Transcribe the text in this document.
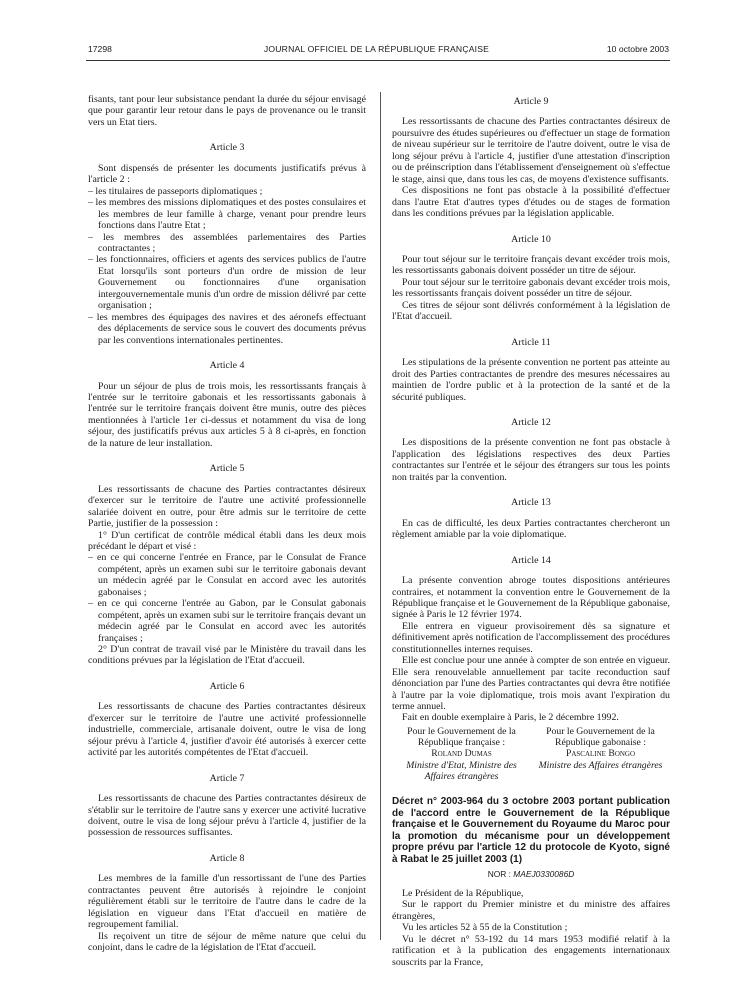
17298	JOURNAL OFFICIEL DE LA RÉPUBLIQUE FRANÇAISE	10 octobre 2003

fisants, tant pour leur subsistance pendant la durée du séjour envisagé que pour garantir leur retour dans le pays de provenance ou le transit vers un Etat tiers.

Article 3

Sont dispensés de présenter les documents justificatifs prévus à l'article 2 :

– les titulaires de passeports diplomatiques ;

– les membres des missions diplomatiques et des postes consulaires et les membres de leur famille à charge, venant pour prendre leurs fonctions dans l'autre Etat ;

– les membres des assemblées parlementaires des Parties contractantes ;

– les fonctionnaires, officiers et agents des services publics de l'autre Etat lorsqu'ils sont porteurs d'un ordre de mission de leur Gouvernement ou fonctionnaires d'une organisation intergouvernementale munis d'un ordre de mission délivré par cette organisation ;

– les membres des équipages des navires et des aéronefs effectuant des déplacements de service sous le couvert des documents prévus par les conventions internationales pertinentes.

Article 4

Pour un séjour de plus de trois mois, les ressortissants français à l'entrée sur le territoire gabonais et les ressortissants gabonais à l'entrée sur le territoire français doivent être munis, outre des pièces mentionnées à l'article 1er ci-dessus et notamment du visa de long séjour, des justificatifs prévus aux articles 5 à 8 ci-après, en fonction de la nature de leur installation.

Article 5

Les ressortissants de chacune des Parties contractantes désireux d'exercer sur le territoire de l'autre une activité professionnelle salariée doivent en outre, pour être admis sur le territoire de cette Partie, justifier de la possession :

1° D'un certificat de contrôle médical établi dans les deux mois précédant le départ et visé :

– en ce qui concerne l'entrée en France, par le Consulat de France compétent, après un examen subi sur le territoire gabonais devant un médecin agréé par le Consulat en accord avec les autorités gabonaises ;

– en ce qui concerne l'entrée au Gabon, par le Consulat gabonais compétent, après un examen subi sur le territoire français devant un médecin agréé par le Consulat en accord avec les autorités françaises ;

2° D'un contrat de travail visé par le Ministère du travail dans les conditions prévues par la législation de l'Etat d'accueil.

Article 6

Les ressortissants de chacune des Parties contractantes désireux d'exercer sur le territoire de l'autre une activité professionnelle industrielle, commerciale, artisanale doivent, outre le visa de long séjour prévu à l'article 4, justifier d'avoir été autorisés à exercer cette activité par les autorités compétentes de l'Etat d'accueil.

Article 7

Les ressortissants de chacune des Parties contractantes désireux de s'établir sur le territoire de l'autre sans y exercer une activité lucrative doivent, outre le visa de long séjour prévu à l'article 4, justifier de la possession de ressources suffisantes.

Article 8

Les membres de la famille d'un ressortissant de l'une des Parties contractantes peuvent être autorisés à rejoindre le conjoint régulièrement établi sur le territoire de l'autre dans le cadre de la législation en vigueur dans l'Etat d'accueil en matière de regroupement familial.

Ils reçoivent un titre de séjour de même nature que celui du conjoint, dans le cadre de la législation de l'Etat d'accueil.

Article 9

Les ressortissants de chacune des Parties contractantes désireux de poursuivre des études supérieures ou d'effectuer un stage de formation de niveau supérieur sur le territoire de l'autre doivent, outre le visa de long séjour prévu à l'article 4, justifier d'une attestation d'inscription ou de préinscription dans l'établissement d'enseignement où s'effectue le stage, ainsi que, dans tous les cas, de moyens d'existence suffisants.

Ces dispositions ne font pas obstacle à la possibilité d'effectuer dans l'autre Etat d'autres types d'études ou de stages de formation dans les conditions prévues par la législation applicable.

Article 10

Pour tout séjour sur le territoire français devant excéder trois mois, les ressortissants gabonais doivent posséder un titre de séjour.

Pour tout séjour sur le territoire gabonais devant excéder trois mois, les ressortissants français doivent posséder un titre de séjour.

Ces titres de séjour sont délivrés conformément à la législation de l'Etat d'accueil.

Article 11

Les stipulations de la présente convention ne portent pas atteinte au droit des Parties contractantes de prendre des mesures nécessaires au maintien de l'ordre public et à la protection de la santé et de la sécurité publiques.

Article 12

Les dispositions de la présente convention ne font pas obstacle à l'application des législations respectives des deux Parties contractantes sur l'entrée et le séjour des étrangers sur tous les points non traités par la convention.

Article 13

En cas de difficulté, les deux Parties contractantes chercheront un règlement amiable par la voie diplomatique.

Article 14

La présente convention abroge toutes dispositions antérieures contraires, et notamment la convention entre le Gouvernement de la République française et le Gouvernement de la République gabonaise, signée à Paris le 12 février 1974.

Elle entrera en vigueur provisoirement dès sa signature et définitivement après notification de l'accomplissement des procédures constitutionnelles internes requises.

Elle est conclue pour une année à compter de son entrée en vigueur. Elle sera renouvelable annuellement par tacite reconduction sauf dénonciation par l'une des Parties contractantes qui devra être notifiée à l'autre par la voie diplomatique, trois mois avant l'expiration du terme annuel.

Fait en double exemplaire à Paris, le 2 décembre 1992.

Pour le Gouvernement de la République française :

Roland Dumas

Ministre d'Etat, Ministre des Affaires étrangères

Pour le Gouvernement de la République gabonaise :

Pascaline Bongo

Ministre des Affaires étrangères

Décret n° 2003-964 du 3 octobre 2003 portant publication de l'accord entre le Gouvernement de la République française et le Gouvernement du Royaume du Maroc pour la promotion du mécanisme pour un développement propre prévu par l'article 12 du protocole de Kyoto, signé à Rabat le 25 juillet 2003 (1)

NOR : MAEJ0330086D

Le Président de la République,

Sur le rapport du Premier ministre et du ministre des affaires étrangères,

Vu les articles 52 à 55 de la Constitution ;

Vu le décret n° 53-192 du 14 mars 1953 modifié relatif à la ratification et à la publication des engagements internationaux souscrits par la France,
